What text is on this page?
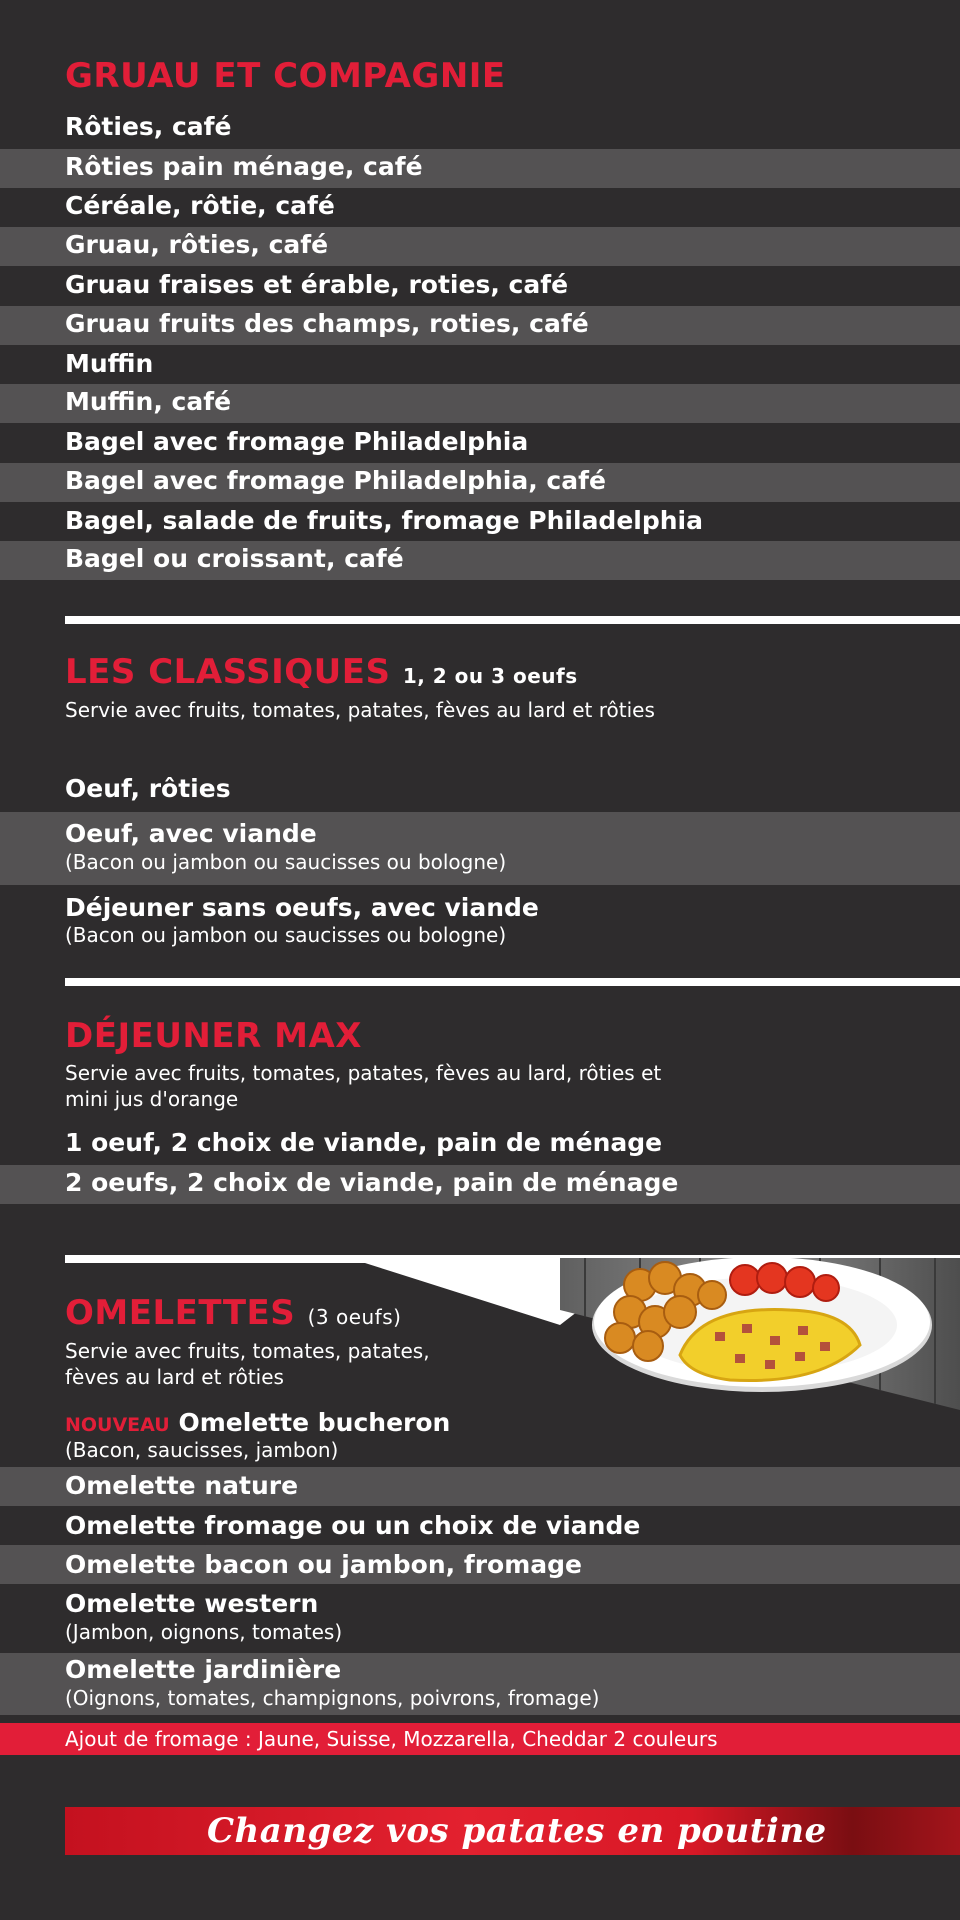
GRUAU ET COMPAGNIE
Rôties, café
Rôties pain ménage, café
Céréale, rôtie, café
Gruau, rôties, café
Gruau fraises et érable, roties, café
Gruau fruits des champs, roties, café
Muffin
Muffin, café
Bagel avec fromage Philadelphia
Bagel avec fromage Philadelphia, café
Bagel, salade de fruits, fromage Philadelphia
Bagel ou croissant, café
LES CLASSIQUES 1, 2 ou 3 oeufs
Servie avec fruits, tomates, patates, fèves au lard et rôties
Oeuf, rôties
Oeuf, avec viande
(Bacon ou jambon ou saucisses ou bologne)
Déjeuner sans oeufs, avec viande
(Bacon ou jambon ou saucisses ou bologne)
DÉJEUNER MAX
Servie avec fruits, tomates, patates, fèves au lard, rôties et
mini jus d'orange
1 oeuf, 2 choix de viande, pain de ménage
2 oeufs, 2 choix de viande, pain de ménage
OMELETTES (3 oeufs)
Servie avec fruits, tomates, patates,
fèves au lard et rôties
NOUVEAU Omelette bucheron
(Bacon, saucisses, jambon)
Omelette nature
Omelette fromage ou un choix de viande
Omelette bacon ou jambon, fromage
Omelette western
(Jambon, oignons, tomates)
Omelette jardinière
(Oignons, tomates, champignons, poivrons, fromage)
Ajout de fromage : Jaune, Suisse, Mozzarella, Cheddar 2 couleurs
Changez vos patates en poutine
